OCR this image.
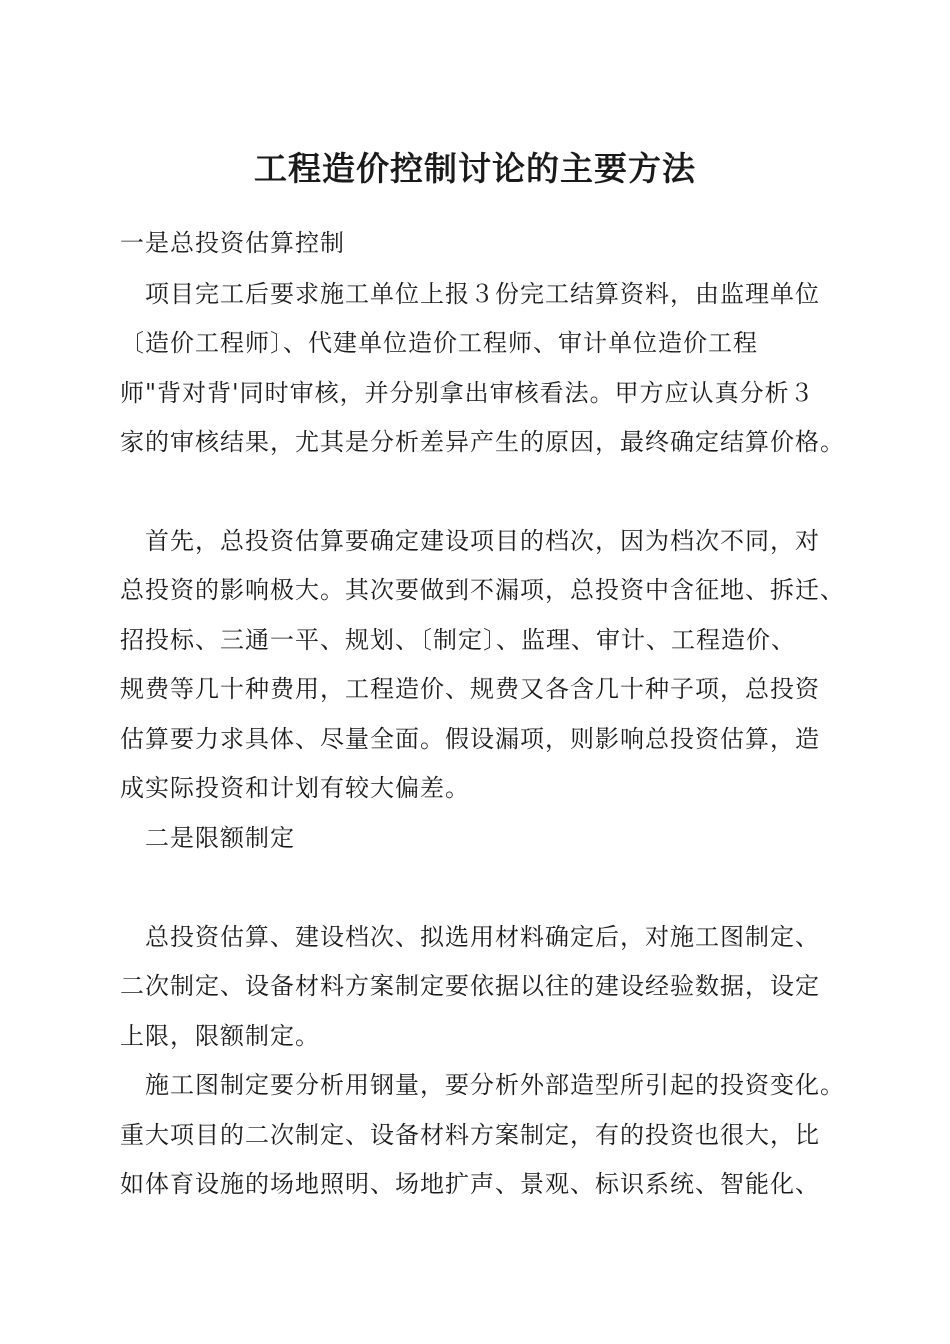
工程造价控制讨论的主要方法
一是总投资估算控制
　项目完工后要求施工单位上报３份完工结算资料，由监理单位
〔造价工程师〕、代建单位造价工程师、审计单位造价工程
师"背对背'同时审核，并分别拿出审核看法。甲方应认真分析３
家的审核结果，尤其是分析差异产生的原因，最终确定结算价格。
　首先，总投资估算要确定建设项目的档次，因为档次不同，对
总投资的影响极大。其次要做到不漏项，总投资中含征地、拆迁、
招投标、三通一平、规划、〔制定〕、监理、审计、工程造价、
规费等几十种费用，工程造价、规费又各含几十种子项，总投资
估算要力求具体、尽量全面。假设漏项，则影响总投资估算，造
成实际投资和计划有较大偏差。
　二是限额制定
　总投资估算、建设档次、拟选用材料确定后，对施工图制定、
二次制定、设备材料方案制定要依据以往的建设经验数据，设定
上限，限额制定。
　施工图制定要分析用钢量，要分析外部造型所引起的投资变化。
重大项目的二次制定、设备材料方案制定，有的投资也很大，比
如体育设施的场地照明、场地扩声、景观、标识系统、智能化、
